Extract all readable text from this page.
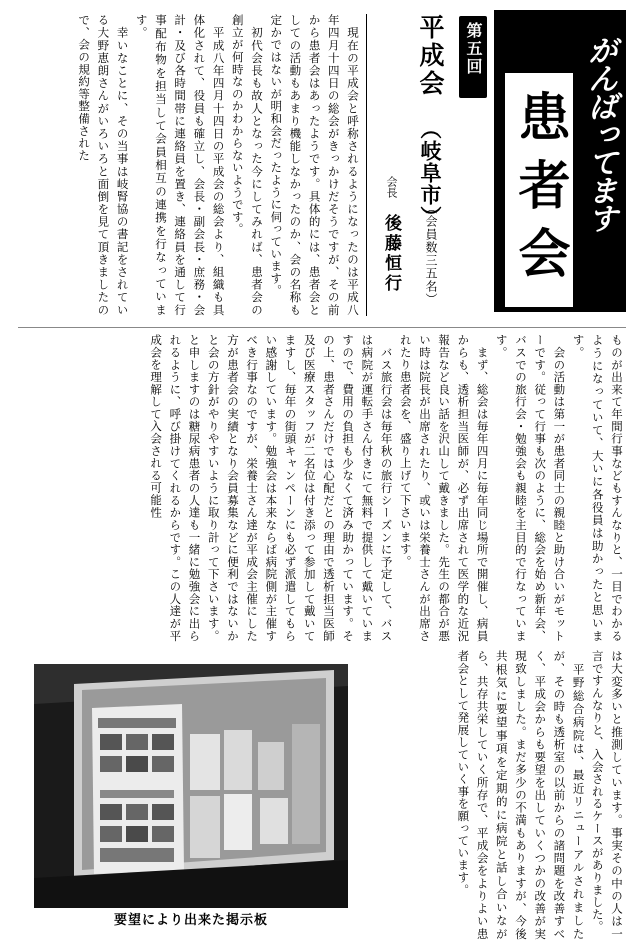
がんばってます
患者会
第五回
平成会
（岐阜市）
（会員数三五名）
会長
後藤恒行
　現在の平成会と呼称されるようになったのは平成八年四月十四日の総会がきっかけだそうですが、その前から患者会はあったようです。具体的には、患者会としての活動もあまり機能しなかったのか、会の名称も定かではないが明和会だったように伺っています。
　初代会長も故人となった今にしてみれば、患者会の創立が何時なのかわからないようです。
　平成八年四月十四日の平成会の総会より、組織も具体化されて、役員も確立し、会長・副会長・庶務・会計・及び各時間帯に連絡員を置き、連絡員を通して行事配布物を担当して会員相互の連携を行なっています。
　幸いなことに、その当事は岐腎協の書記をされている大野恵朗さんがいろいろと面倒を見て頂きましたので、会の規約等整備された
ものが出来て年間行事などもすんなりと、一目でわかるようになっていて、大いに各役員は助かったと思います。
　会の活動は第一が患者同士の親睦と助け合いがモットーです。従って行事も次のように、総会を始め新年会、バスでの旅行会・勉強会も親睦を主目的で行なっています。
　まず、総会は毎年四月に毎年同じ場所で開催し、病員からも、透析担当医師が、必ず出席されて医学的な近況報告など良い話を沢山して戴きました。先生の都合が悪い時は院長が出席されたり、或いは栄養士さんが出席されたり患者会を、盛り上げて下さいます。
　バス旅行会は毎年秋の旅行シーズンに予定して、バスは病院が運転手さん付きにて無料で提供して戴いていますので、費用の負担も少なくて済み助かっています。その上、患者さんだけでは心配だとの理由で透析担当医師及び医療スタッフが二名位は付き添って参加して戴いてますし、毎年の街頭キャンペーンにも必ず派遣してもらい感謝しています。勉強会は本来ならば病院側が主催すべき行事なのですが、栄養士さん達が平成会主催にした方が患者会の実績となり会員募集などに便利ではないかと会の方針がやりやすいように取り計って下さいます。と申しますのは糖尿病患者の人達も一緒に勉強会に出られるように、呼び掛けてくれるからです。この人達が平成会を理解して入会される可能性
は大変多いと推測しています。事実その中の人は一言ですんなりと、入会されるケースがありました。
　平野総合病院は、最近リニューアルされましたが、その時も透析室の以前からの諸問題を改善すべく、平成会からも要望を出していくつかの改善が実現致しました。まだ多少の不満もありますが、今後共根気に要望事項を定期的に病院と話し合いながら、共存共栄していく所存で、平成会をよりよい患者会として発展していく事を願っています。
要望により出来た掲示板
